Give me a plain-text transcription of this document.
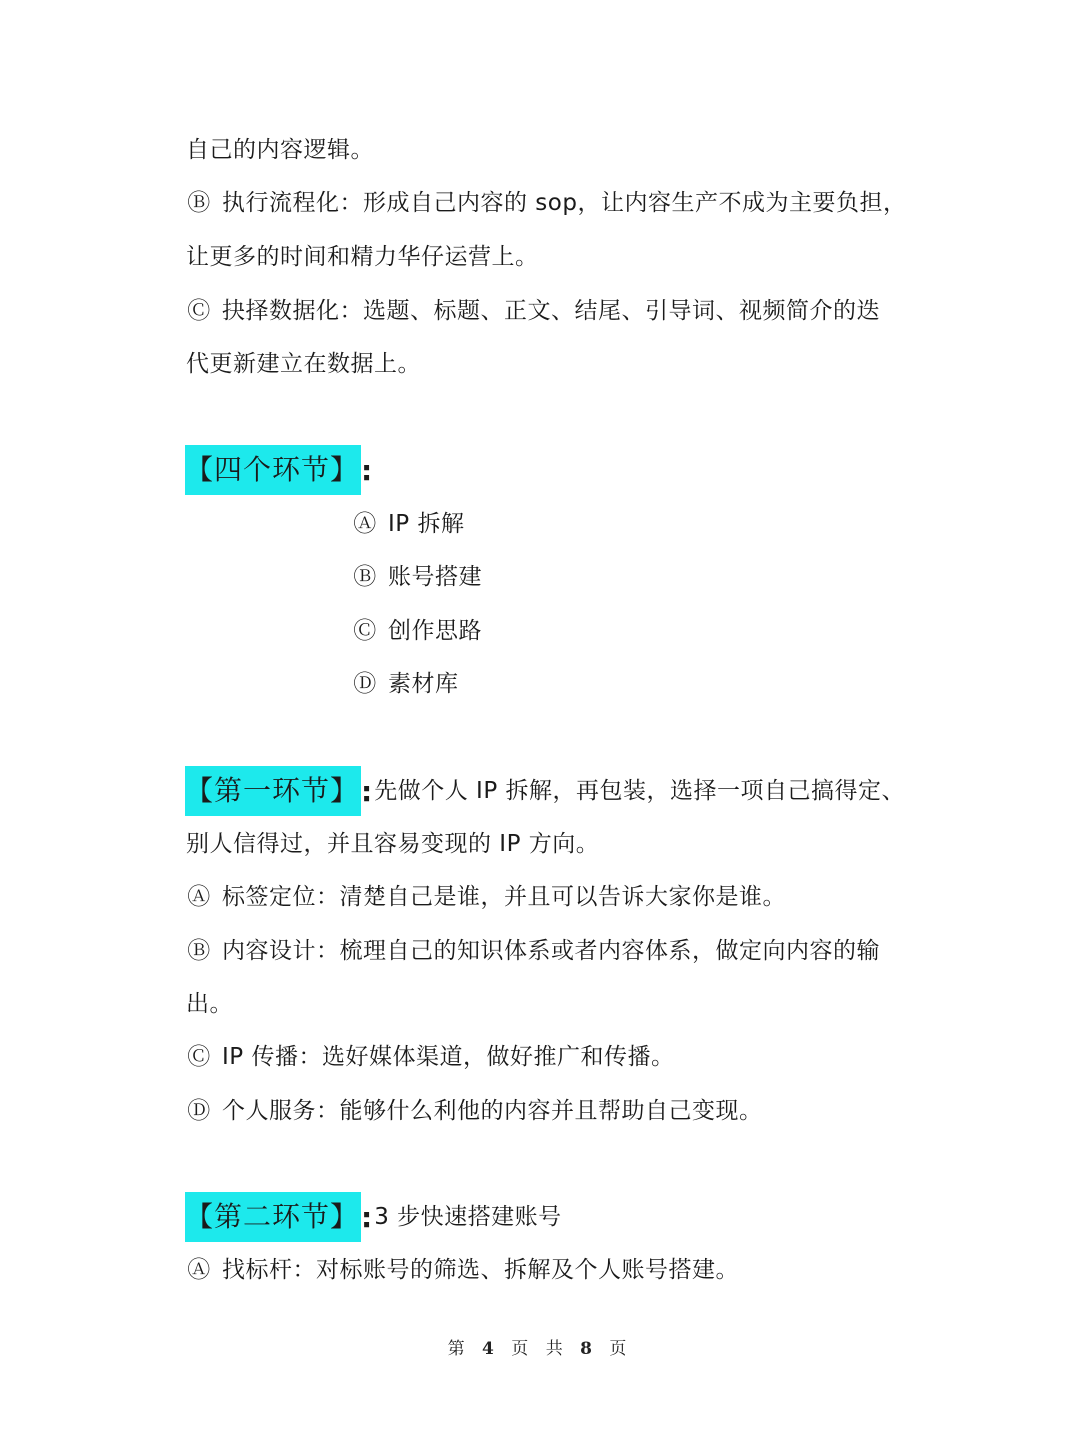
自己的内容逻辑。
Ⓑ 执行流程化：形成自己内容的 sop，让内容生产不成为主要负担，
让更多的时间和精力华仔运营上。
Ⓒ 抉择数据化：选题、标题、正文、结尾、引导词、视频简介的迭
代更新建立在数据上。
【四个环节】 :
Ⓐ IP 拆解
Ⓑ 账号搭建
Ⓒ 创作思路
Ⓓ 素材库
【第一环节】 : 先做个人 IP 拆解，再包装，选择一项自己搞得定、
别人信得过，并且容易变现的 IP 方向。
Ⓐ 标签定位：清楚自己是谁，并且可以告诉大家你是谁。
Ⓑ 内容设计：梳理自己的知识体系或者内容体系，做定向内容的输
出。
Ⓒ IP 传播：选好媒体渠道，做好推广和传播。
Ⓓ 个人服务：能够什么利他的内容并且帮助自己变现。
【第二环节】 : 3 步快速搭建账号
Ⓐ 找标杆：对标账号的筛选、拆解及个人账号搭建。
第 4 页 共 8 页
